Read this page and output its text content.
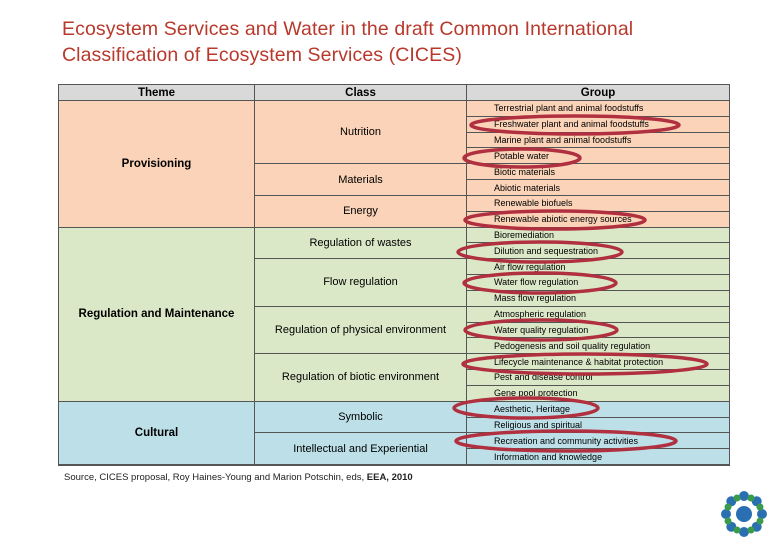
Ecosystem Services and Water in the draft Common International Classification of Ecosystem Services (CICES)
Theme	Class	Group
Provisioning
Regulation and Maintenance
Cultural
Nutrition
Materials
Energy
Regulation of wastes
Flow regulation
Regulation of physical environment
Regulation of biotic environment
Symbolic
Intellectual and Experiential
Terrestrial plant and animal foodstuffs
Freshwater plant and animal foodstuffs
Marine plant and animal foodstuffs
Potable water
Biotic materials
Abiotic materials
Renewable biofuels
Renewable abiotic energy sources
Bioremediation
Dilution and sequestration
Air flow regulation
Water flow regulation
Mass flow regulation
Atmospheric regulation
Water quality regulation
Pedogenesis and soil quality regulation
Lifecycle maintenance & habitat protection
Pest and disease control
Gene pool protection
Aesthetic, Heritage
Religious and spiritual
Recreation and community activities
Information and knowledge
Source, CICES proposal, Roy Haines-Young and Marion Potschin, eds, EEA, 2010
